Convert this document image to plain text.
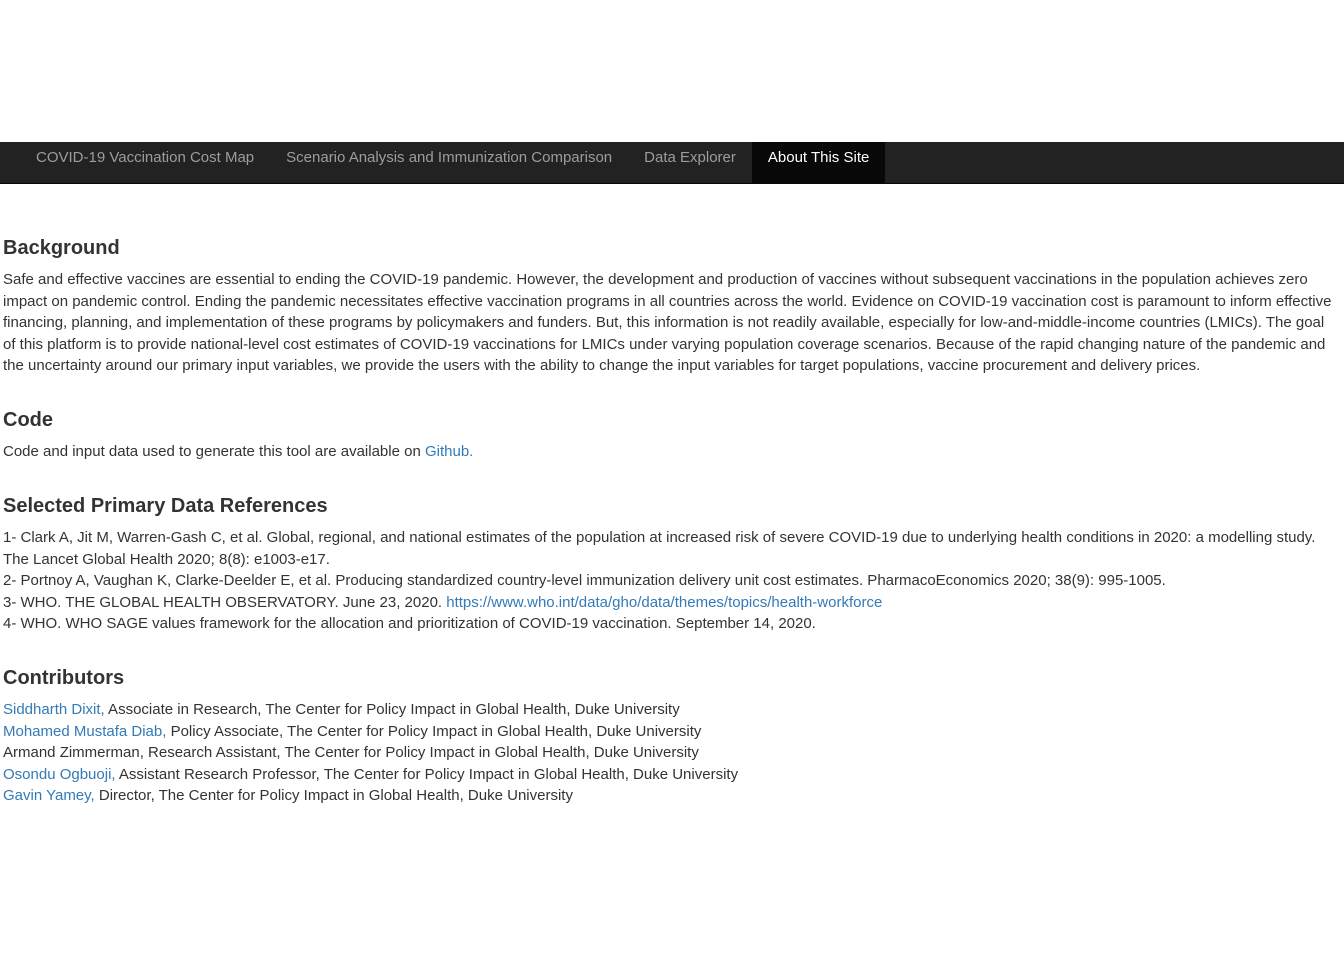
COVID-19 Vaccination Cost Map	Scenario Analysis and Immunization Comparison	Data Explorer	About This Site
Background

Safe and effective vaccines are essential to ending the COVID-19 pandemic. However, the development and production of vaccines without subsequent vaccinations in the population achieves zero impact on pandemic control. Ending the pandemic necessitates effective vaccination programs in all countries across the world. Evidence on COVID-19 vaccination cost is paramount to inform effective financing, planning, and implementation of these programs by policymakers and funders. But, this information is not readily available, especially for low-and-middle-income countries (LMICs). The goal of this platform is to provide national-level cost estimates of COVID-19 vaccinations for LMICs under varying population coverage scenarios. Because of the rapid changing nature of the pandemic and the uncertainty around our primary input variables, we provide the users with the ability to change the input variables for target populations, vaccine procurement and delivery prices.

Code

Code and input data used to generate this tool are available on Github.

Selected Primary Data References
1- Clark A, Jit M, Warren-Gash C, et al. Global, regional, and national estimates of the population at increased risk of severe COVID-19 due to underlying health conditions in 2020: a modelling study.
The Lancet Global Health 2020; 8(8): e1003-e17.
2- Portnoy A, Vaughan K, Clarke-Deelder E, et al. Producing standardized country-level immunization delivery unit cost estimates. PharmacoEconomics 2020; 38(9): 995-1005.
3- WHO. THE GLOBAL HEALTH OBSERVATORY. June 23, 2020. https://www.who.int/data/gho/data/themes/topics/health-workforce
4- WHO. WHO SAGE values framework for the allocation and prioritization of COVID-19 vaccination. September 14, 2020.
Contributors
Siddharth Dixit, Associate in Research, The Center for Policy Impact in Global Health, Duke University
Mohamed Mustafa Diab, Policy Associate, The Center for Policy Impact in Global Health, Duke University
Armand Zimmerman, Research Assistant, The Center for Policy Impact in Global Health, Duke University
Osondu Ogbuoji, Assistant Research Professor, The Center for Policy Impact in Global Health, Duke University
Gavin Yamey, Director, The Center for Policy Impact in Global Health, Duke University
